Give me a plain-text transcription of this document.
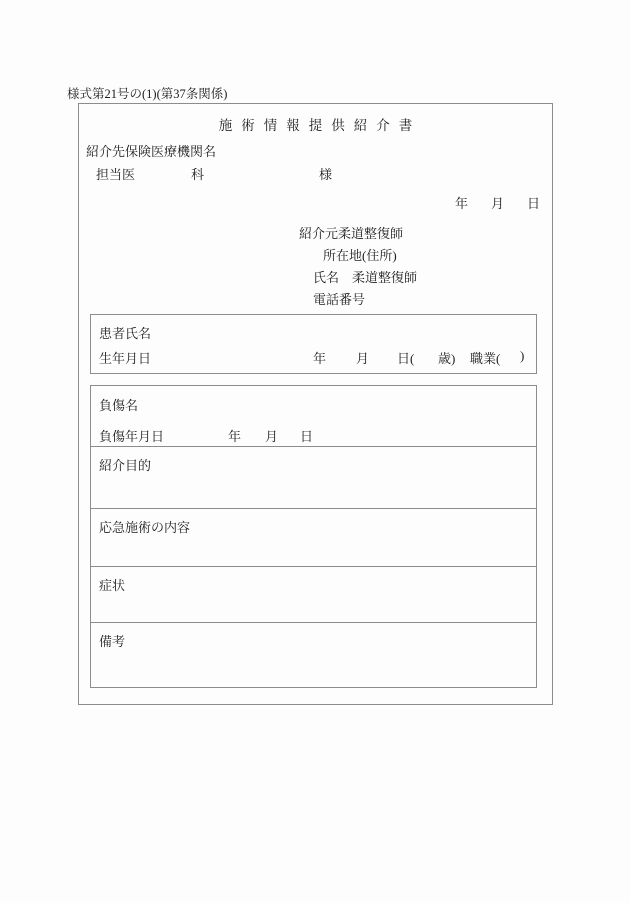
様式第21号の(1)(第37条関係)
施術情報提供紹介書
紹介先保険医療機関名
担当医	科	様
年 月 日
紹介元柔道整復師
所在地(住所)
氏名　柔道整復師
電話番号
患者氏名
生年月日	年 月 日( 歳) 職業( )
負傷名
負傷年月日	年 月 日
紹介目的
応急施術の内容
症状
備考
